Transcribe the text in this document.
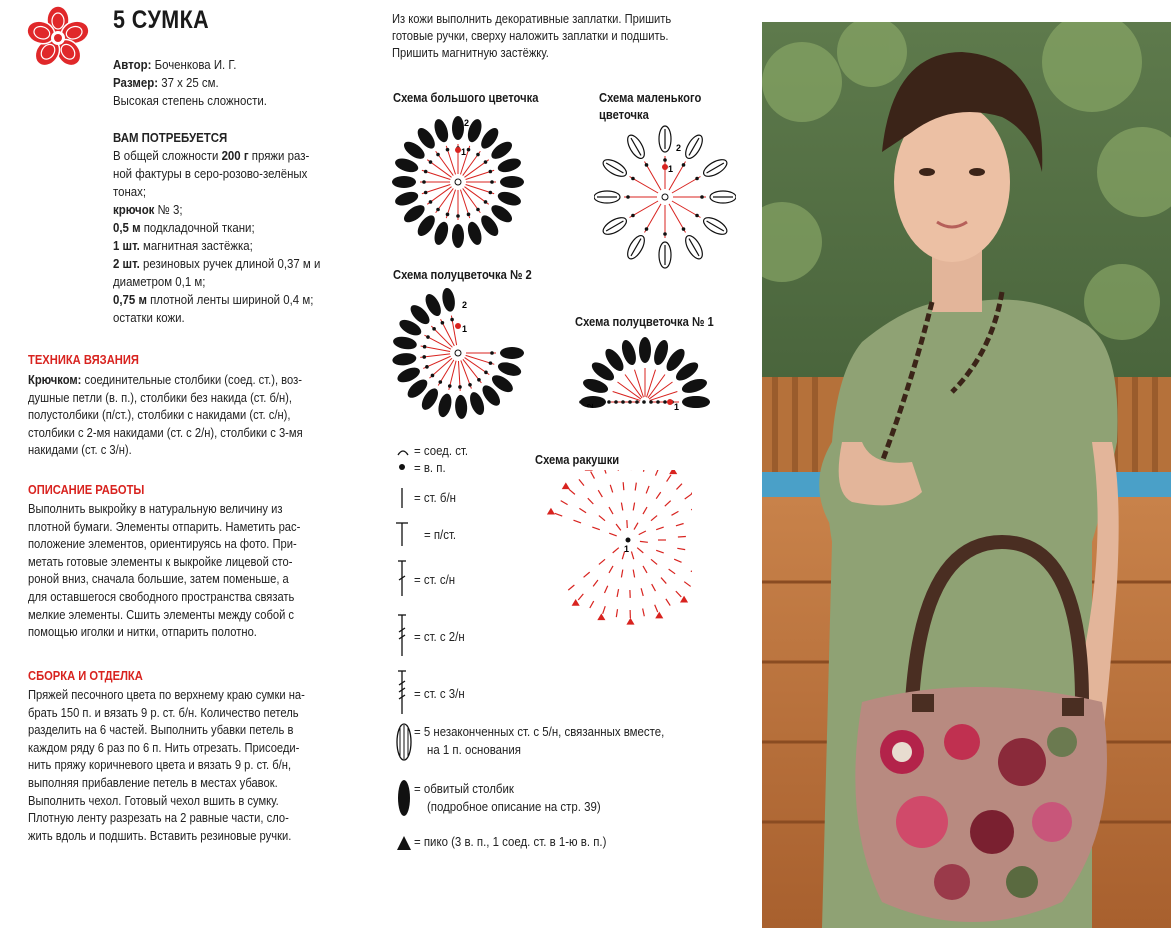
5 СУМКА
Автор: Боченкова И. Г.
Размер: 37 х 25 см.
Высокая степень сложности.
ВАМ ПОТРЕБУЕТСЯ
В общей сложности 200 г пряжи раз-
ной фактуры в серо-розово-зелёных
тонах;
крючок № 3;
0,5 м подкладочной ткани;
1 шт. магнитная застёжка;
2 шт. резиновых ручек длиной 0,37 м и
диаметром 0,1 м;
0,75 м плотной ленты шириной 0,4 м;
остатки кожи.
ТЕХНИКА ВЯЗАНИЯ
Крючком: соединительные столбики (соед. ст.), воз-
душные петли (в. п.), столбики без накида (ст. б/н),
полустолбики (п/ст.), столбики с накидами (ст. с/н),
столбики с 2-мя накидами (ст. с 2/н), столбики с 3-мя
накидами (ст. с 3/н).
ОПИСАНИЕ РАБОТЫ
Выполнить выкройку в натуральную величину из
плотной бумаги. Элементы отпарить. Наметить рас-
положение элементов, ориентируясь на фото. При-
метать готовые элементы к выкройке лицевой сто-
роной вниз, сначала большие, затем поменьше, а
для оставшегося свободного пространства связать
мелкие элементы. Сшить элементы между собой с
помощью иголки и нитки, отпарить полотно.
СБОРКА И ОТДЕЛКА
Пряжей песочного цвета по верхнему краю сумки на-
брать 150 п. и вязать 9 р. ст. б/н. Количество петель
разделить на 6 частей. Выполнить убавки петель в
каждом ряду 6 раз по 6 п. Нить отрезать. Присоеди-
нить пряжу коричневого цвета и вязать 9 р. ст. б/н,
выполняя прибавление петель в местах убавок.
Выполнить чехол. Готовый чехол вшить в сумку.
Плотную ленту разрезать на 2 равные части, сло-
жить вдоль и подшить. Вставить резиновые ручки.
Из кожи выполнить декоративные заплатки. Пришить
готовые ручки, сверху наложить заплатки и подшить.
Пришить магнитную застёжку.
Схема большого цветочка	Схема маленького
цветочка
1
2
1
2
Схема полуцветочка № 2
2
1	Схема полуцветочка № 1
2	1
Схема ракушки
1
= соед. ст.
= в. п.
= ст. б/н
= п/ст.
= ст. с/н
= ст. с 2/н
= ст. с 3/н
= 5 незаконченных ст. с 5/н, связанных вместе,
на 1 п. основания
= обвитый столбик
(подробное описание на стр. 39)
= пико (3 в. п., 1 соед. ст. в 1-ю в. п.)
